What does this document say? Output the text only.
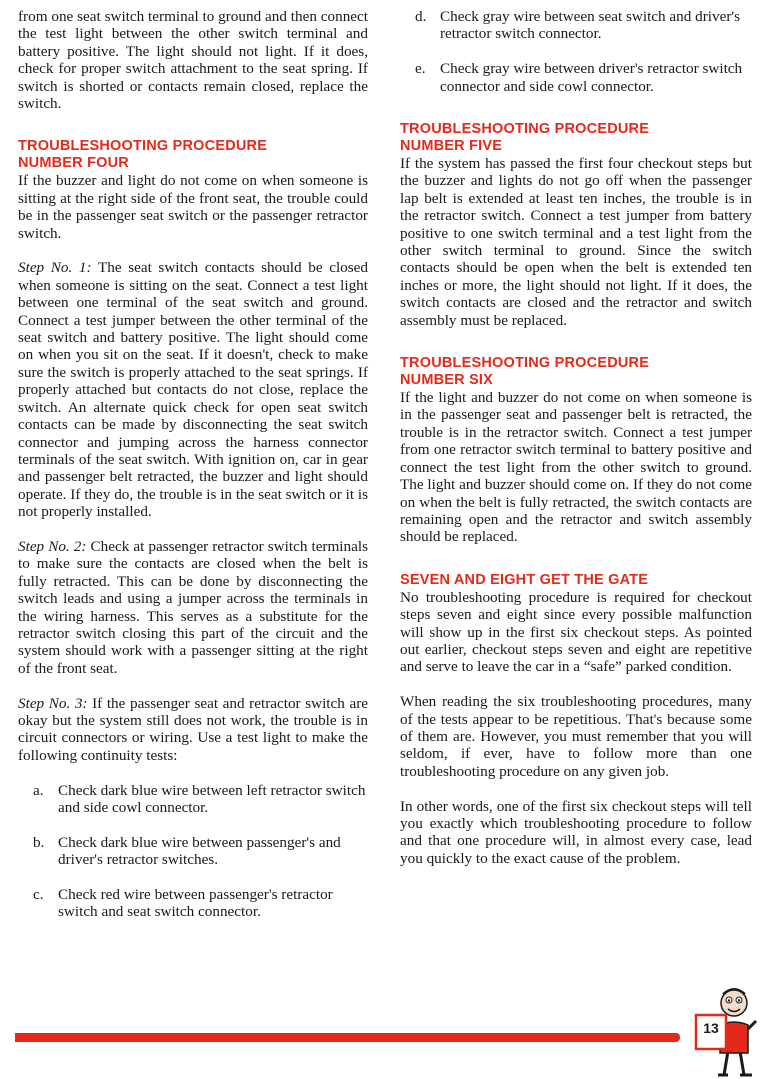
from one seat switch terminal to ground and then connect the test light between the other switch terminal and battery positive. The light should not light. If it does, check for proper switch attachment to the seat spring. If switch is shorted or contacts remain closed, replace the switch.

TROUBLESHOOTING PROCEDURE
NUMBER FOUR

If the buzzer and light do not come on when someone is sitting at the right side of the front seat, the trouble could be in the passenger seat switch or the passenger retractor switch.

Step No. 1: The seat switch contacts should be closed when someone is sitting on the seat. Connect a test light between one terminal of the seat switch and ground. Connect a test jumper between the other terminal of the seat switch and battery positive. The light should come on when you sit on the seat. If it doesn't, check to make sure the switch is properly attached to the seat springs. If properly attached but contacts do not close, replace the switch. An alternate quick check for open seat switch contacts can be made by disconnecting the seat switch connector and jumping across the harness connector terminals of the seat switch. With ignition on, car in gear and passenger belt retracted, the buzzer and light should operate. If they do, the trouble is in the seat switch or it is not properly installed.

Step No. 2: Check at passenger retractor switch terminals to make sure the contacts are closed when the belt is fully retracted. This can be done by disconnecting the switch leads and using a jumper across the terminals in the wiring harness. This serves as a substitute for the retractor switch closing this part of the circuit and the system should work with a passenger sitting at the right of the front seat.

Step No. 3: If the passenger seat and retractor switch are okay but the system still does not work, the trouble is in circuit connectors or wiring. Use a test light to make the following continuity tests:

a. Check dark blue wire between left retractor switch and side cowl connector.
b. Check dark blue wire between passenger's and driver's retractor switches.
c. Check red wire between passenger's retractor switch and seat switch connector.
d. Check gray wire between seat switch and driver's retractor switch connector.
e. Check gray wire between driver's retractor switch connector and side cowl connector.
TROUBLESHOOTING PROCEDURE
NUMBER FIVE

If the system has passed the first four checkout steps but the buzzer and lights do not go off when the passenger lap belt is extended at least ten inches, the trouble is in the retractor switch. Connect a test jumper from battery positive to one switch terminal and a test light from the other switch terminal to ground. Since the switch contacts should be open when the belt is extended ten inches or more, the light should not light. If it does, the switch contacts are closed and the retractor and switch assembly must be replaced.

TROUBLESHOOTING PROCEDURE
NUMBER SIX

If the light and buzzer do not come on when someone is in the passenger seat and passenger belt is retracted, the trouble is in the retractor switch. Connect a test jumper from one retractor switch terminal to battery positive and connect the test light from the other switch to ground. The light and buzzer should come on. If they do not come on when the belt is fully retracted, the switch contacts are remaining open and the retractor and switch assembly should be replaced.

SEVEN AND EIGHT GET THE GATE

No troubleshooting procedure is required for checkout steps seven and eight since every possible malfunction will show up in the first six checkout steps. As pointed out earlier, checkout steps seven and eight are repetitive and serve to leave the car in a “safe” parked condition.

When reading the six troubleshooting procedures, many of the tests appear to be repetitious. That's because some of them are. However, you must remember that you will seldom, if ever, have to follow more than one troubleshooting procedure on any given job.

In other words, one of the first six checkout steps will tell you exactly which troubleshooting procedure to follow and that one procedure will, in almost every case, lead you quickly to the exact cause of the problem.

13
